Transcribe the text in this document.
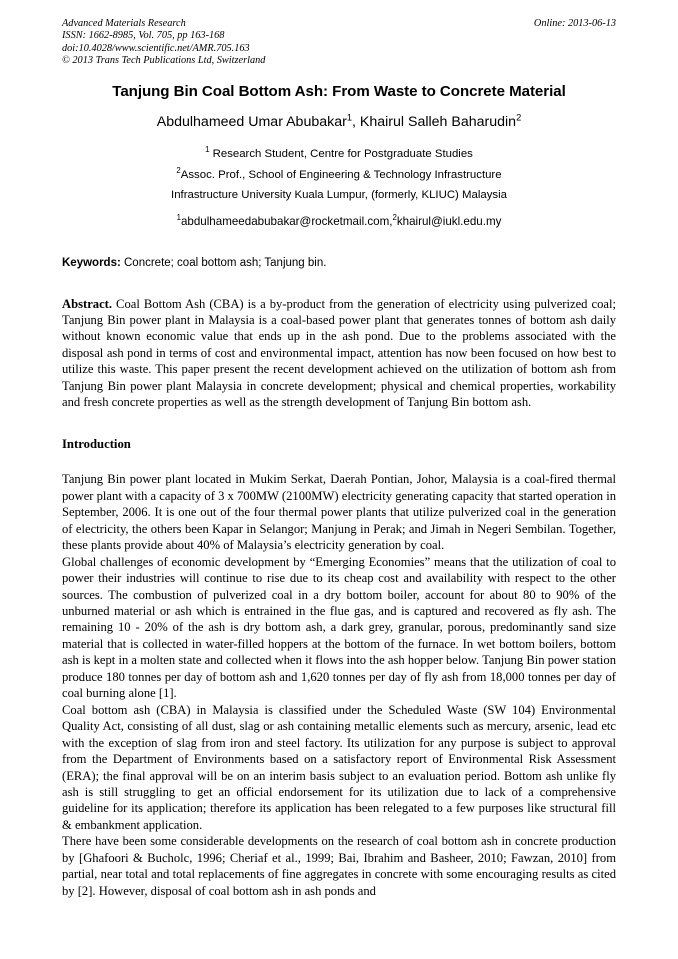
Advanced Materials Research
ISSN: 1662-8985, Vol. 705, pp 163-168
doi:10.4028/www.scientific.net/AMR.705.163
© 2013 Trans Tech Publications Ltd, Switzerland
Online: 2013-06-13
Tanjung Bin Coal Bottom Ash: From Waste to Concrete Material
Abdulhameed Umar Abubakar$^1$, Khairul Salleh Baharudin$^2$
$^1$ Research Student, Centre for Postgraduate Studies
$^2$Assoc. Prof., School of Engineering & Technology Infrastructure
Infrastructure University Kuala Lumpur, (formerly, KLIUC) Malaysia
$^1$abdulhameedabubakar@rocketmail.com,$^2$khairul@iukl.edu.my
Keywords: Concrete; coal bottom ash; Tanjung bin.
Abstract. Coal Bottom Ash (CBA) is a by-product from the generation of electricity using pulverized coal; Tanjung Bin power plant in Malaysia is a coal-based power plant that generates tonnes of bottom ash daily without known economic value that ends up in the ash pond. Due to the problems associated with the disposal ash pond in terms of cost and environmental impact, attention has now been focused on how best to utilize this waste. This paper present the recent development achieved on the utilization of bottom ash from Tanjung Bin power plant Malaysia in concrete development; physical and chemical properties, workability and fresh concrete properties as well as the strength development of Tanjung Bin bottom ash.
Introduction

Tanjung Bin power plant located in Mukim Serkat, Daerah Pontian, Johor, Malaysia is a coal-fired thermal power plant with a capacity of 3 x 700MW (2100MW) electricity generating capacity that started operation in September, 2006. It is one out of the four thermal power plants that utilize pulverized coal in the generation of electricity, the others been Kapar in Selangor; Manjung in Perak; and Jimah in Negeri Sembilan. Together, these plants provide about 40% of Malaysia’s electricity generation by coal.

Global challenges of economic development by “Emerging Economies” means that the utilization of coal to power their industries will continue to rise due to its cheap cost and availability with respect to the other sources. The combustion of pulverized coal in a dry bottom boiler, account for about 80 to 90% of the unburned material or ash which is entrained in the flue gas, and is captured and recovered as fly ash. The remaining 10 - 20% of the ash is dry bottom ash, a dark grey, granular, porous, predominantly sand size material that is collected in water-filled hoppers at the bottom of the furnace. In wet bottom boilers, bottom ash is kept in a molten state and collected when it flows into the ash hopper below. Tanjung Bin power station produce 180 tonnes per day of bottom ash and 1,620 tonnes per day of fly ash from 18,000 tonnes per day of coal burning alone [1].

Coal bottom ash (CBA) in Malaysia is classified under the Scheduled Waste (SW 104) Environmental Quality Act, consisting of all dust, slag or ash containing metallic elements such as mercury, arsenic, lead etc with the exception of slag from iron and steel factory. Its utilization for any purpose is subject to approval from the Department of Environments based on a satisfactory report of Environmental Risk Assessment (ERA); the final approval will be on an interim basis subject to an evaluation period. Bottom ash unlike fly ash is still struggling to get an official endorsement for its utilization due to lack of a comprehensive guideline for its application; therefore its application has been relegated to a few purposes like structural fill & embankment application.

There have been some considerable developments on the research of coal bottom ash in concrete production by [Ghafoori & Bucholc, 1996; Cheriaf et al., 1999; Bai, Ibrahim and Basheer, 2010; Fawzan, 2010] from partial, near total and total replacements of fine aggregates in concrete with some encouraging results as cited by [2]. However, disposal of coal bottom ash in ash ponds and
